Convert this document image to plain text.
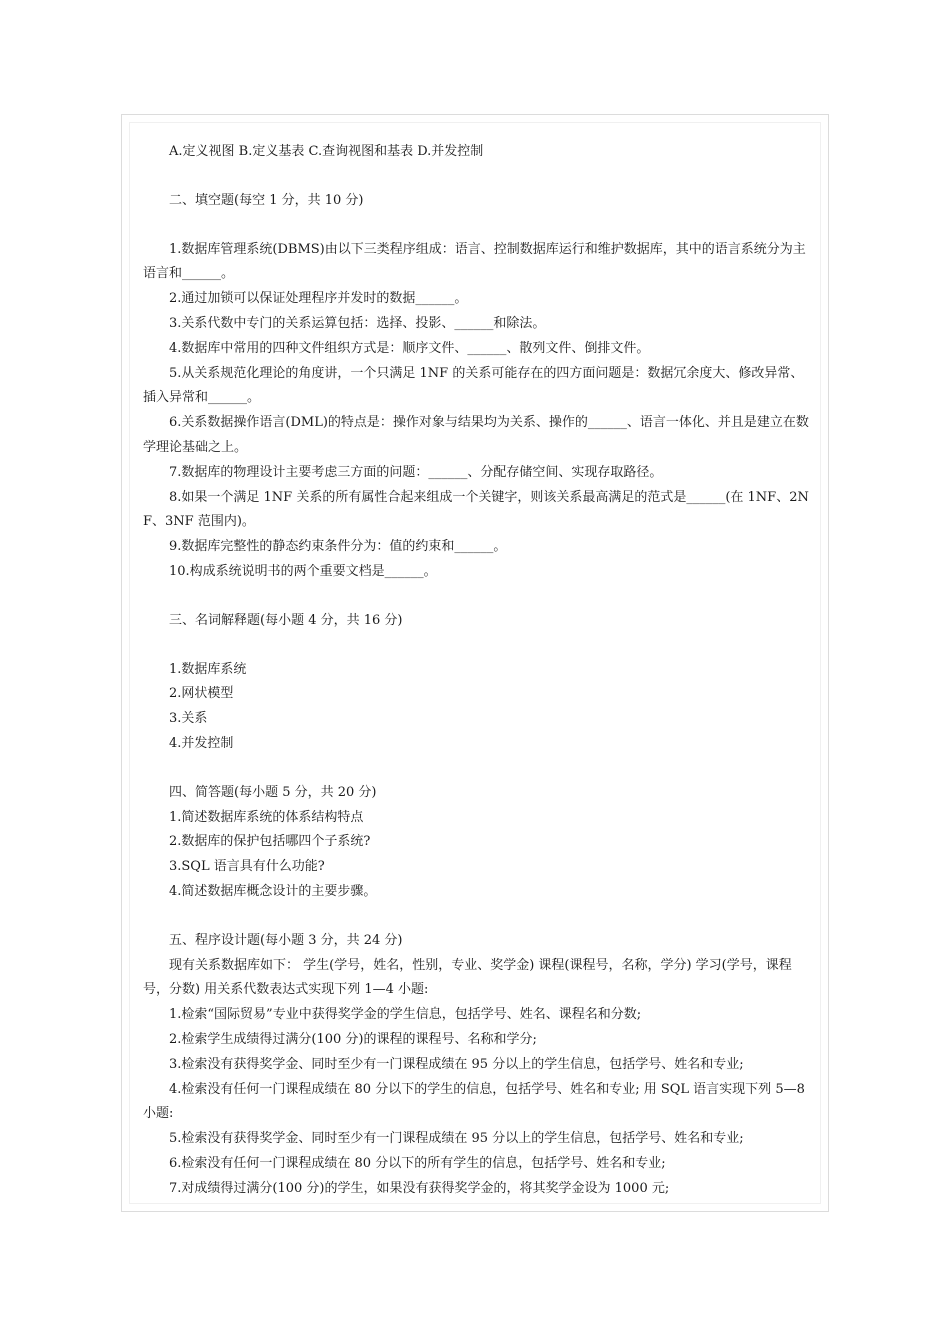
A.定义视图 B.定义基表 C.查询视图和基表 D.并发控制

二、填空题(每空 1 分，共 10 分)

1.数据库管理系统(DBMS)由以下三类程序组成：语言、控制数据库运行和维护数据库，其中的语言系统分为主语言和______。

2.通过加锁可以保证处理程序并发时的数据______。

3.关系代数中专门的关系运算包括：选择、投影、______和除法。

4.数据库中常用的四种文件组织方式是：顺序文件、______、散列文件、倒排文件。

5.从关系规范化理论的角度讲，一个只满足 1NF 的关系可能存在的四方面问题是：数据冗余度大、修改异常、插入异常和______。

6.关系数据操作语言(DML)的特点是：操作对象与结果均为关系、操作的______、语言一体化、并且是建立在数学理论基础之上。

7.数据库的物理设计主要考虑三方面的问题：______、分配存储空间、实现存取路径。

8.如果一个满足 1NF 关系的所有属性合起来组成一个关键字，则该关系最高满足的范式是______(在 1NF、2NF、3NF 范围内)。

9.数据库完整性的静态约束条件分为：值的约束和______。

10.构成系统说明书的两个重要文档是______。

三、名词解释题(每小题 4 分，共 16 分)

1.数据库系统

2.网状模型

3.关系

4.并发控制

四、简答题(每小题 5 分，共 20 分)

1.简述数据库系统的体系结构特点

2.数据库的保护包括哪四个子系统?

3.SQL 语言具有什么功能?

4.简述数据库概念设计的主要步骤。

五、程序设计题(每小题 3 分，共 24 分)

现有关系数据库如下： 学生(学号，姓名，性别，专业、奖学金) 课程(课程号，名称，学分) 学习(学号，课程号，分数) 用关系代数表达式实现下列 1—4 小题:

1.检索“国际贸易”专业中获得奖学金的学生信息，包括学号、姓名、课程名和分数;

2.检索学生成绩得过满分(100 分)的课程的课程号、名称和学分;

3.检索没有获得奖学金、同时至少有一门课程成绩在 95 分以上的学生信息，包括学号、姓名和专业;

4.检索没有任何一门课程成绩在 80 分以下的学生的信息，包括学号、姓名和专业; 用 SQL 语言实现下列 5—8 小题:

5.检索没有获得奖学金、同时至少有一门课程成绩在 95 分以上的学生信息，包括学号、姓名和专业;

6.检索没有任何一门课程成绩在 80 分以下的所有学生的信息，包括学号、姓名和专业;

7.对成绩得过满分(100 分)的学生，如果没有获得奖学金的，将其奖学金设为 1000 元;
